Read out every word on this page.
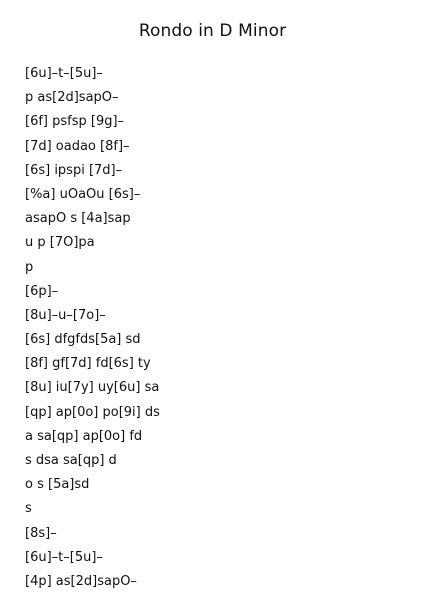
Rondo in D Minor
[6u]–t–[5u]–
p as[2d]sapO–
[6f] psfsp [9g]–
[7d] oadao [8f]–
[6s] ipspi [7d]–
[%a] uOaOu [6s]–
asapO s [4a]sap
u p [7O]pa
p
[6p]–
[8u]–u–[7o]–
[6s] dfgfds[5a] sd
[8f] gf[7d] fd[6s] ty
[8u] iu[7y] uy[6u] sa
[qp] ap[0o] po[9i] ds
a sa[qp] ap[0o] fd
s dsa sa[qp] d
o s [5a]sd
s
[8s]–
[6u]–t–[5u]–
[4p] as[2d]sapO–
